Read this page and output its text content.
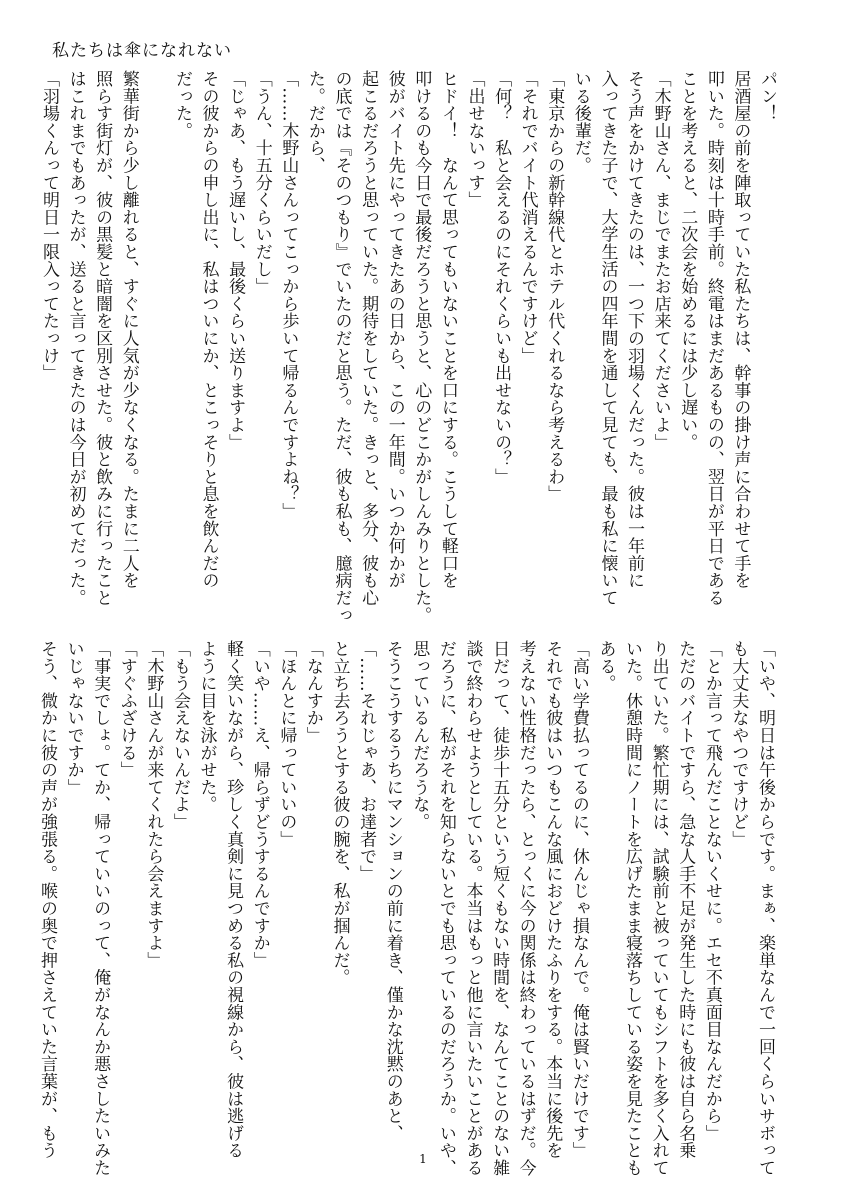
私たちは傘になれない
パン！
居酒屋の前を陣取っていた私たちは、幹事の掛け声に合わせて手を
叩いた。時刻は十時手前。終電はまだあるものの、翌日が平日である
ことを考えると、二次会を始めるには少し遅い。
「木野山さん、まじでまたお店来てくださいよ」
そう声をかけてきたのは、一つ下の羽場くんだった。彼は一年前に
入ってきた子で、大学生活の四年間を通して見ても、最も私に懐いて
いる後輩だ。
「東京からの新幹線代とホテル代くれるなら考えるわ」
「それでバイト代消えるんですけど」
「何？　私と会えるのにそれくらいも出せないの？」
「出せないっす」
ヒドイ！　なんて思ってもいないことを口にする。こうして軽口を
叩けるのも今日で最後だろうと思うと、心のどこかがしんみりとした。
彼がバイト先にやってきたあの日から、この一年間。いつか何かが
起こるだろうと思っていた。期待をしていた。きっと、多分、彼も心
の底では『そのつもり』でいたのだと思う。ただ、彼も私も、臆病だっ
た。だから、
「……木野山さんってこっから歩いて帰るんですよね？」
「うん、十五分くらいだし」
「じゃあ、もう遅いし、最後くらい送りますよ」
その彼からの申し出に、私はついにか、とこっそりと息を飲んだの
だった。

繁華街から少し離れると、すぐに人気が少なくなる。たまに二人を
照らす街灯が、彼の黒髪と暗闇を区別させた。彼と飲みに行ったこと
はこれまでもあったが、送ると言ってきたのは今日が初めてだった。
「羽場くんって明日一限入ってたっけ」
「いや、明日は午後からです。まぁ、楽単なんで一回くらいサボって
も大丈夫なやつですけど」
「とか言って飛んだことないくせに。エセ不真面目なんだから」
ただのバイトですら、急な人手不足が発生した時にも彼は自ら名乗
り出ていた。繁忙期には、試験前と被っていてもシフトを多く入れて
いた。休憩時間にノートを広げたまま寝落ちしている姿を見たことも
ある。
「高い学費払ってるのに、休んじゃ損なんで。俺は賢いだけです」
それでも彼はいつもこんな風におどけたふりをする。本当に後先を
考えない性格だったら、とっくに今の関係は終わっているはずだ。今
日だって、徒歩十五分という短くもない時間を、なんてことのない雑
談で終わらせようとしている。本当はもっと他に言いたいことがある
だろうに、私がそれを知らないとでも思っているのだろうか。いや、
思っているんだろうな。
そうこうするうちにマンションの前に着き、僅かな沈黙のあと、
「……それじゃあ、お達者で」
と立ち去ろうとする彼の腕を、私が掴んだ。
「なんすか」
「ほんとに帰っていいの」
「いや……え、帰らずどうするんですか」
軽く笑いながら、珍しく真剣に見つめる私の視線から、彼は逃げる
ように目を泳がせた。
「もう会えないんだよ」
「木野山さんが来てくれたら会えますよ」
「すぐふざける」
「事実でしょ。てか、帰っていいのって、俺がなんか悪さしたいみた
いじゃないですか」
そう、微かに彼の声が強張る。喉の奥で押さえていた言葉が、もう	1
